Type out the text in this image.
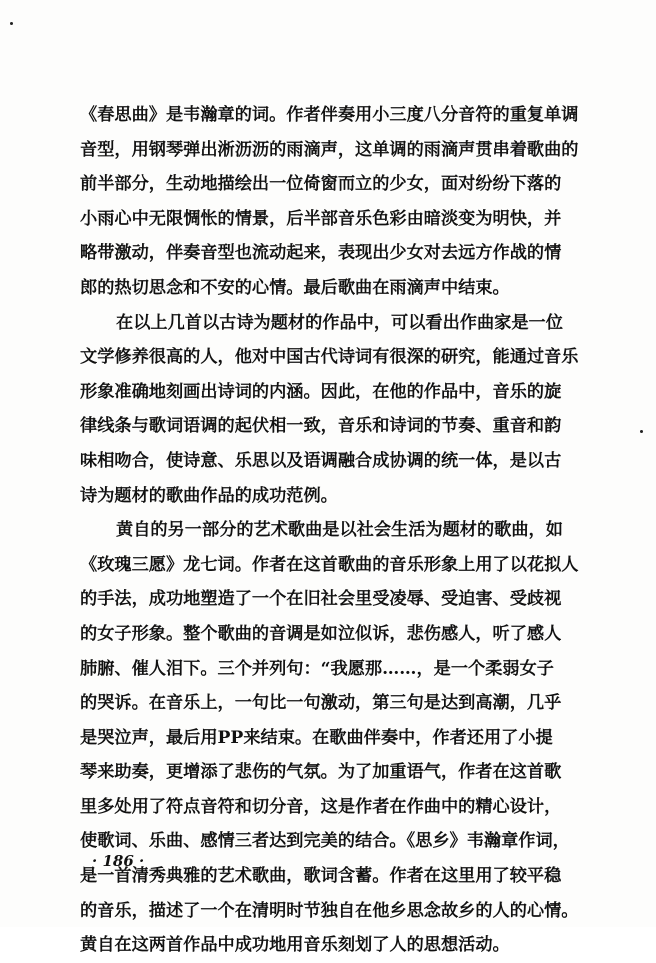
《春思曲》是韦瀚章的词。作者伴奏用小三度八分音符的重复单调
音型，用钢琴弹出淅沥沥的雨滴声，这单调的雨滴声贯串着歌曲的
前半部分，生动地描绘出一位倚窗而立的少女，面对纷纷下落的
小雨心中无限惆怅的情景，后半部音乐色彩由暗淡变为明快，并
略带激动，伴奏音型也流动起来，表现出少女对去远方作战的情
郎的热切思念和不安的心情。最后歌曲在雨滴声中结束。
在以上几首以古诗为题材的作品中，可以看出作曲家是一位
文学修养很高的人，他对中国古代诗词有很深的研究，能通过音乐
形象准确地刻画出诗词的内涵。因此，在他的作品中，音乐的旋
律线条与歌词语调的起伏相一致，音乐和诗词的节奏、重音和韵
味相吻合，使诗意、乐思以及语调融合成协调的统一体，是以古
诗为题材的歌曲作品的成功范例。
黄自的另一部分的艺术歌曲是以社会生活为题材的歌曲，如
《玫瑰三愿》龙七词。作者在这首歌曲的音乐形象上用了以花拟人
的手法，成功地塑造了一个在旧社会里受凌辱、受迫害、受歧视
的女子形象。整个歌曲的音调是如泣似诉，悲伤感人，听了感人
肺腑、催人泪下。三个并列句：“我愿那……，是一个柔弱女子
的哭诉。在音乐上，一句比一句激动，第三句是达到高潮，几乎
是哭泣声，最后用PP来结束。在歌曲伴奏中，作者还用了小提
琴来助奏，更增添了悲伤的气氛。为了加重语气，作者在这首歌
里多处用了符点音符和切分音，这是作者在作曲中的精心设计，
使歌词、乐曲、感情三者达到完美的结合。《思乡》韦瀚章作词，
是一首清秀典雅的艺术歌曲，歌词含蓄。作者在这里用了较平稳
的音乐，描述了一个在清明时节独自在他乡思念故乡的人的心情。
黄自在这两首作品中成功地用音乐刻划了人的思想活动。
· 186 ·
